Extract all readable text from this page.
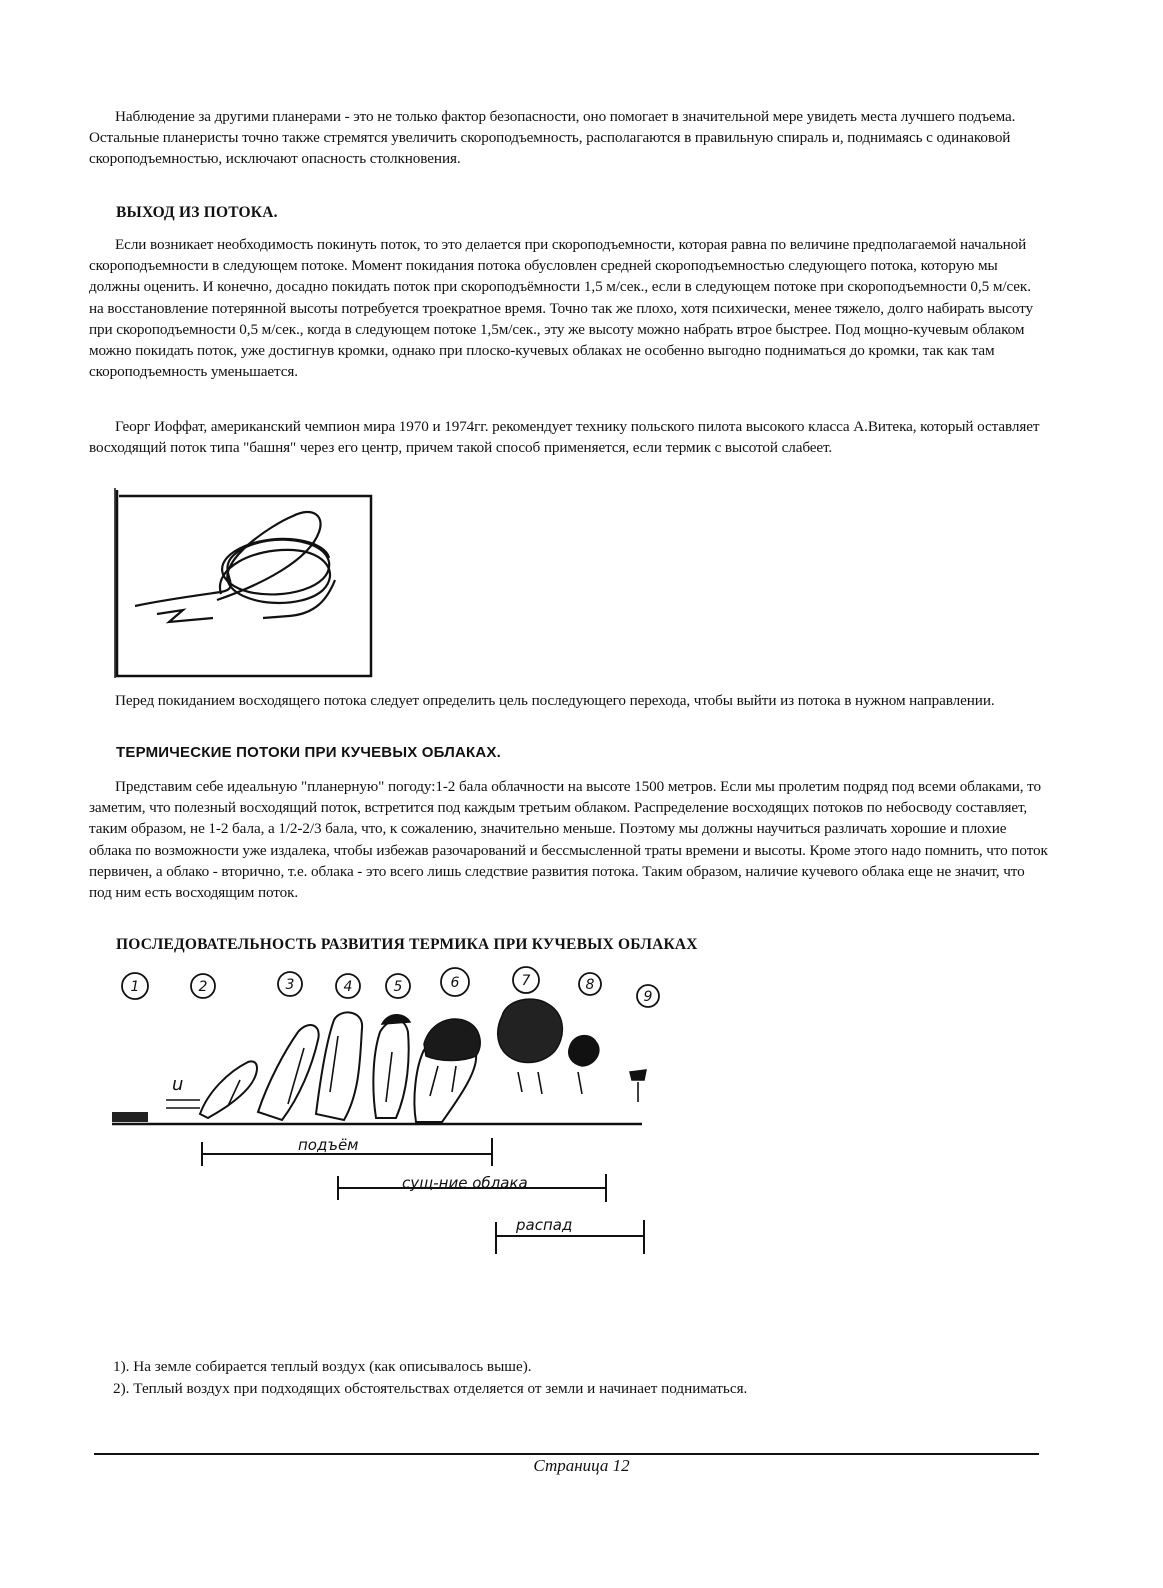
Наблюдение за другими планерами - это не только фактор безопасности, оно помогает в значительной мере увидеть места лучшего подъема. Остальные планеристы точно также стремятся увеличить скороподъемность, располагаются в правильную спираль и, поднимаясь с одинаковой скороподъемностью, исключают опасность столкновения.

ВЫХОД ИЗ ПОТОКА.

Если возникает необходимость покинуть поток, то это делается при скороподъемности, которая равна по величине предполагаемой начальной скороподъемности в следующем потоке. Момент покидания потока обусловлен средней скороподъемностью следующего потока, которую мы должны оценить. И конечно, досадно покидать поток при скороподъёмности 1,5 м/сек., если в следующем потоке при скороподъемности 0,5 м/сек. на восстановление потерянной высоты потребуется троекратное время. Точно так же плохо, хотя психически, менее тяжело, долго набирать высоту при скороподъемности 0,5 м/сек., когда в следующем потоке 1,5м/сек., эту же высоту можно набрать втрое быстрее. Под мощно-кучевым облаком можно покидать поток, уже достигнув кромки, однако при плоско-кучевых облаках не особенно выгодно подниматься до кромки, так как там скороподъемность уменьшается.

Георг Иоффат, американский чемпион мира 1970 и 1974гг. рекомендует технику польского пилота высокого класса А.Витека, который оставляет восходящий поток типа "башня" через его центр, причем такой способ применяется, если термик с высотой слабеет.

Перед покиданием восходящего потока следует определить цель последующего перехода, чтобы выйти из потока в нужном направлении.

ТЕРМИЧЕСКИЕ ПОТОКИ ПРИ КУЧЕВЫХ ОБЛАКАХ.

Представим себе идеальную "планерную" погоду:1-2 бала облачности на высоте 1500 метров. Если мы пролетим подряд под всеми облаками, то заметим, что полезный восходящий поток, встретится под каждым третьим облаком. Распределение восходящих потоков по небосводу составляет, таким образом, не 1-2 бала, а 1/2-2/3 бала, что, к сожалению, значительно меньше. Поэтому мы должны научиться различать хорошие и плохие облака по возможности уже издалека, чтобы избежав разочарований и бессмысленной траты времени и высоты. Кроме этого надо помнить, что поток первичен, а облако - вторично, т.е. облака - это всего лишь следствие развития потока. Таким образом, наличие кучевого облака еще не значит, что под ним есть восходящим поток.

ПОСЛЕДОВАТЕЛЬНОСТЬ РАЗВИТИЯ ТЕРМИКА ПРИ КУЧЕВЫХ ОБЛАКАХ
1	2	3	4	5	6	7	8
9
u
подъём
сущ-ние облака
распад

1). На земле собирается теплый воздух (как описывалось выше).

2). Теплый воздух при подходящих обстоятельствах отделяется от земли и начинает подниматься.

Страница 12
